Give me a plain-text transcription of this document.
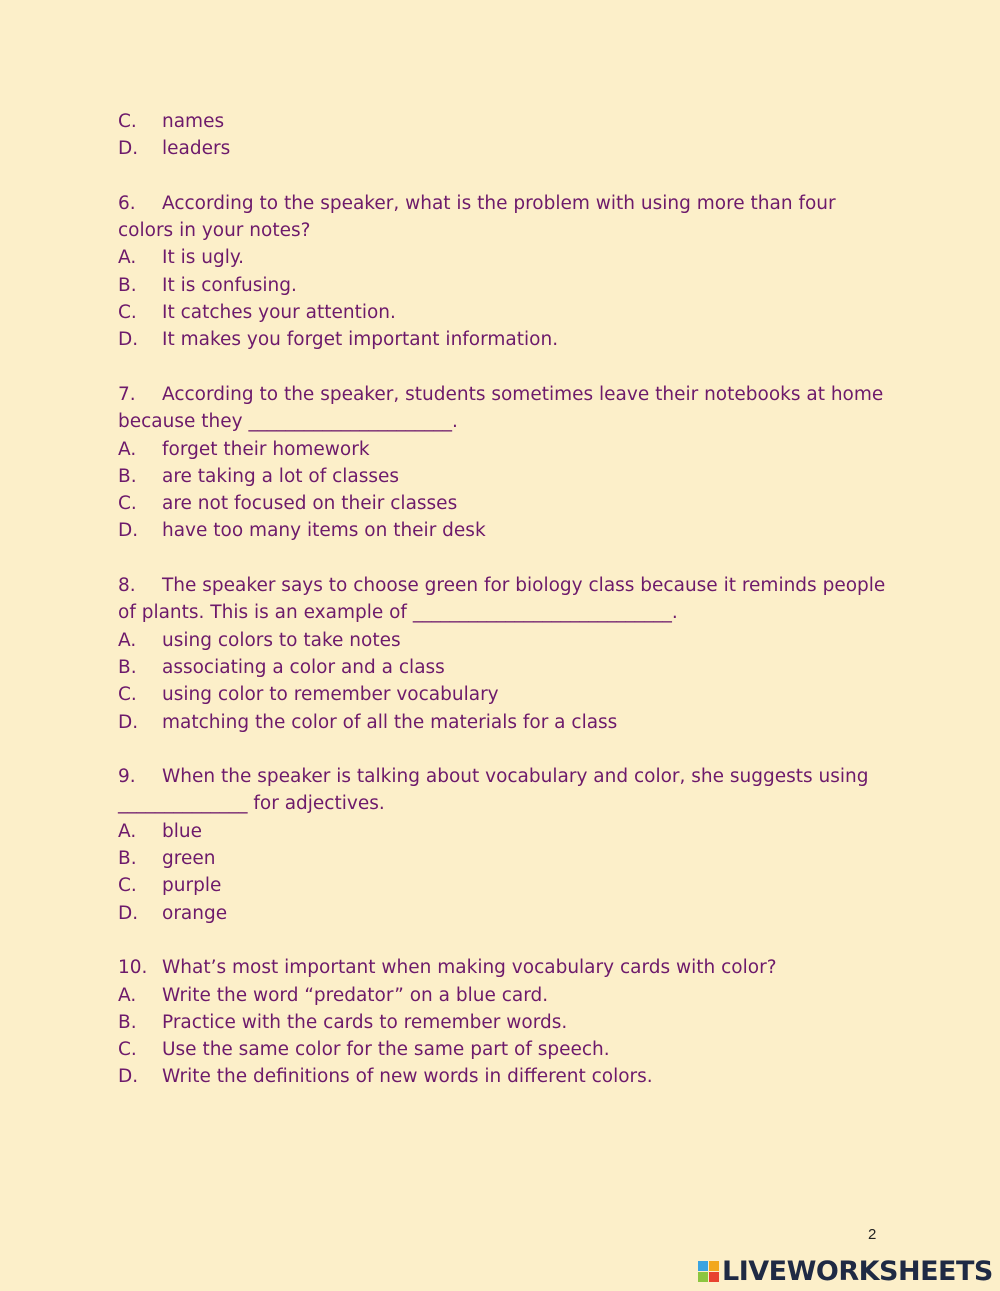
C.	names
D.	leaders
6. According to the speaker, what is the problem with using more than four
colors in your notes?
A.	It is ugly.
B.	It is confusing.
C.	It catches your attention.
D.	It makes you forget important information.
7. According to the speaker, students sometimes leave their notebooks at home
because they ______________________.
A.	forget their homework
B.	are taking a lot of classes
C.	are not focused on their classes
D.	have too many items on their desk
8. The speaker says to choose green for biology class because it reminds people
of plants. This is an example of ____________________________.
A.	using colors to take notes
B.	associating a color and a class
C.	using color to remember vocabulary
D.	matching the color of all the materials for a class
9. When the speaker is talking about vocabulary and color, she suggests using
______________ for adjectives.
A.	blue
B.	green
C.	purple
D.	orange
10. What’s most important when making vocabulary cards with color?
A.	Write the word “predator” on a blue card.
B.	Practice with the cards to remember words.
C.	Use the same color for the same part of speech.
D.	Write the definitions of new words in different colors.
2
LIVEWORKSHEETS
